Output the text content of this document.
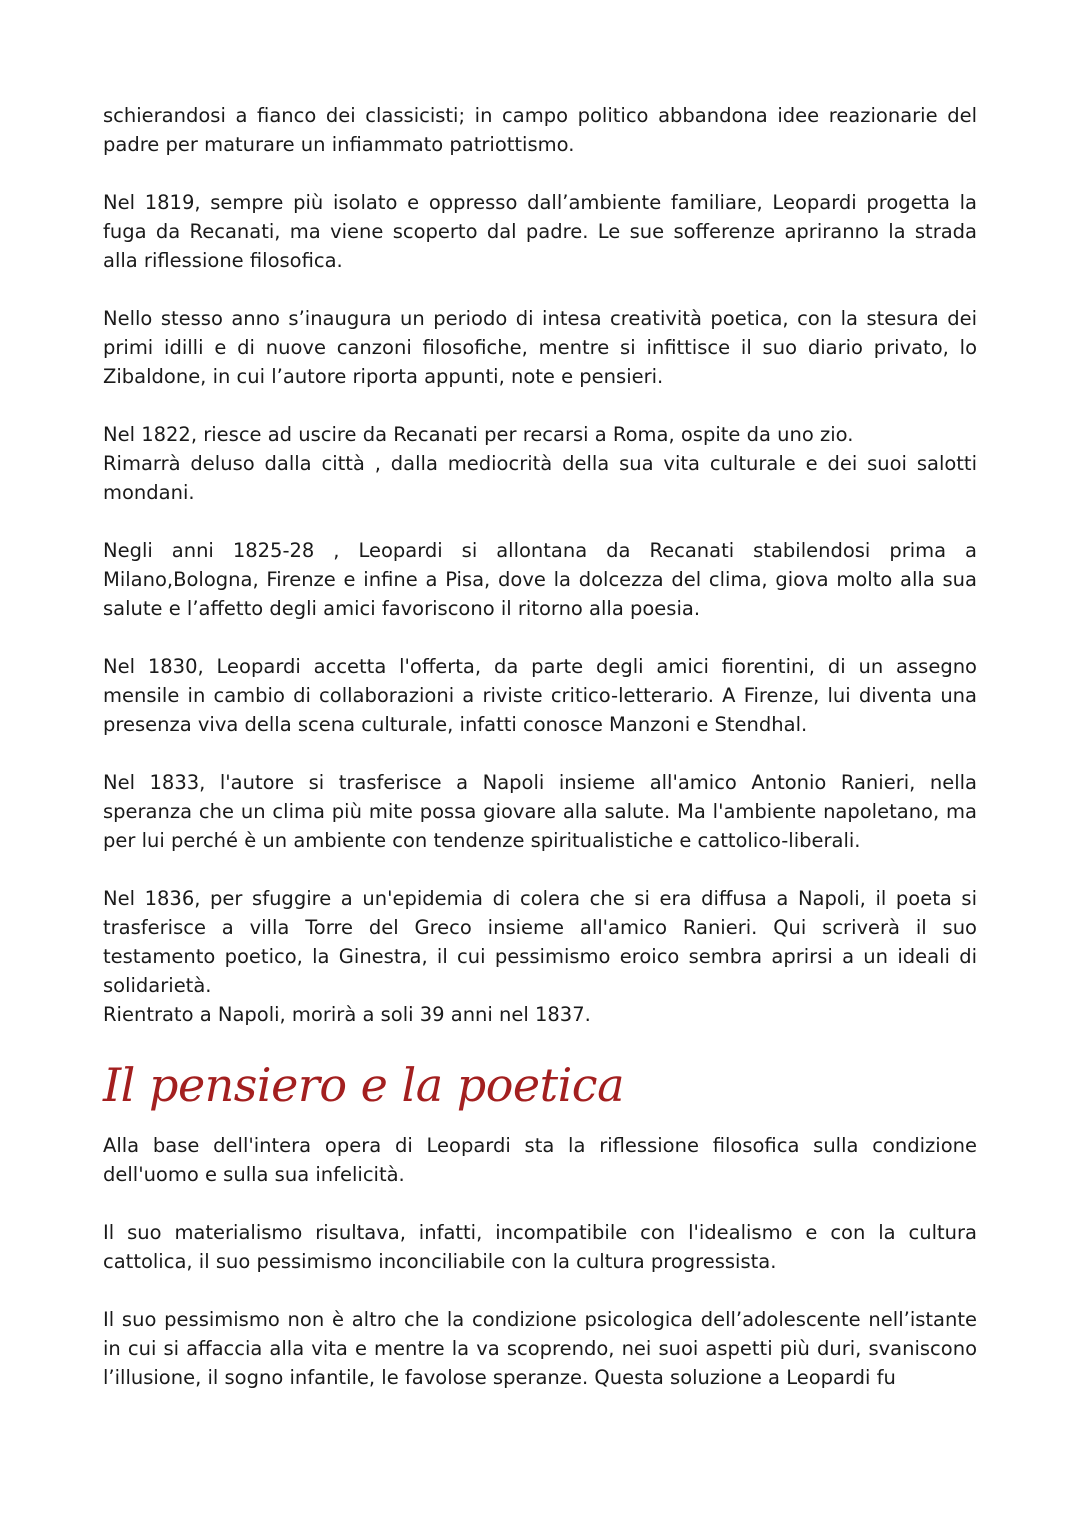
schierandosi a fianco dei classicisti; in campo politico abbandona idee reazionarie del padre per maturare un infiammato patriottismo.

Nel 1819, sempre più isolato e oppresso dall’ambiente familiare, Leopardi progetta la fuga da Recanati, ma viene scoperto dal padre. Le sue sofferenze apriranno la strada alla riflessione filosofica.

Nello stesso anno s’inaugura un periodo di intesa creatività poetica, con la stesura dei primi idilli e di nuove canzoni filosofiche, mentre si infittisce il suo diario privato, lo Zibaldone, in cui l’autore riporta appunti, note e pensieri.

Nel 1822, riesce ad uscire da Recanati per recarsi a Roma, ospite da uno zio.

Rimarrà deluso dalla città , dalla mediocrità della sua vita culturale e dei suoi salotti mondani.

Negli anni 1825-28 , Leopardi si allontana da Recanati stabilendosi prima a Milano,Bologna, Firenze e infine a Pisa, dove la dolcezza del clima, giova molto alla sua salute e l’affetto degli amici favoriscono il ritorno alla poesia.

Nel 1830, Leopardi accetta l'offerta, da parte degli amici fiorentini, di un assegno mensile in cambio di collaborazioni a riviste critico-letterario. A Firenze, lui diventa una presenza viva della scena culturale, infatti conosce Manzoni e Stendhal.

Nel 1833, l'autore si trasferisce a Napoli insieme all'amico Antonio Ranieri, nella speranza che un clima più mite possa giovare alla salute. Ma l'ambiente napoletano, ma per lui perché è un ambiente con tendenze spiritualistiche e cattolico-liberali.

Nel 1836, per sfuggire a un'epidemia di colera che si era diffusa a Napoli, il poeta si trasferisce a villa Torre del Greco insieme all'amico Ranieri. Qui scriverà il suo testamento poetico, la Ginestra, il cui pessimismo eroico sembra aprirsi a un ideali di solidarietà.

Rientrato a Napoli, morirà a soli 39 anni nel 1837.

Il pensiero e la poetica

Alla base dell'intera opera di Leopardi sta la riflessione filosofica sulla condizione dell'uomo e sulla sua infelicità.

Il suo materialismo risultava, infatti, incompatibile con l'idealismo e con la cultura cattolica, il suo pessimismo inconciliabile con la cultura progressista.

Il suo pessimismo non è altro che la condizione psicologica dell’adolescente nell’istante in cui si affaccia alla vita e mentre la va scoprendo, nei suoi aspetti più duri, svaniscono l’illusione, il sogno infantile, le favolose speranze. Questa soluzione a Leopardi fu
